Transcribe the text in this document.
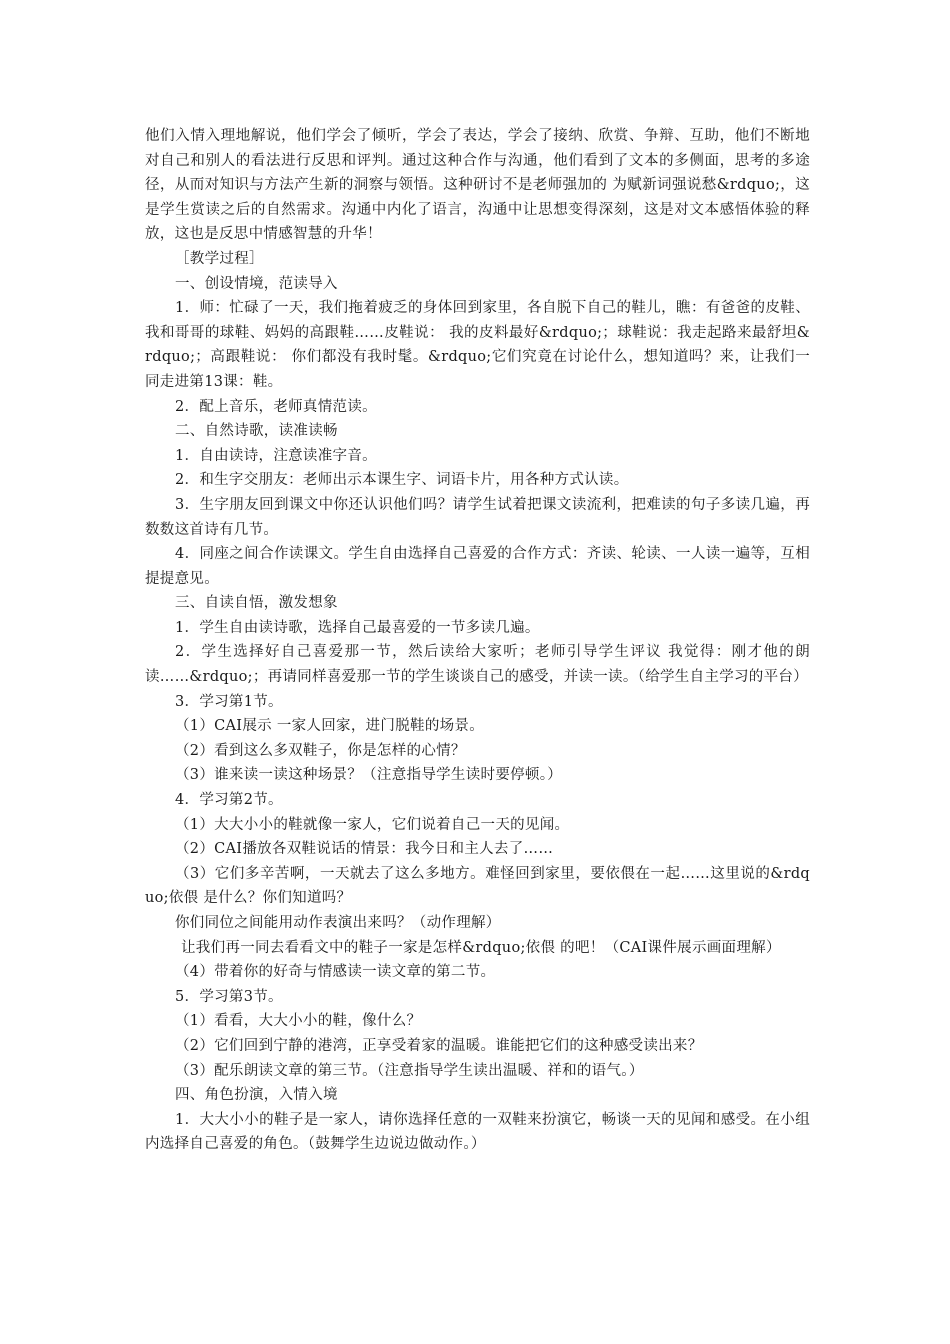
他们入情入理地解说，他们学会了倾听，学会了表达，学会了接纳、欣赏、争辩、互助，他们不断地对自己和别人的看法进行反思和评判。通过这种合作与沟通，他们看到了文本的多侧面，思考的多途径，从而对知识与方法产生新的洞察与领悟。这种研讨不是老师强加的 为赋新词强说愁&rdquo;，这是学生赏读之后的自然需求。沟通中内化了语言，沟通中让思想变得深刻，这是对文本感悟体验的释放，这也是反思中情感智慧的升华！

［教学过程］

一、创设情境，范读导入

1．师：忙碌了一天，我们拖着疲乏的身体回到家里，各自脱下自己的鞋儿，瞧：有爸爸的皮鞋、我和哥哥的球鞋、妈妈的高跟鞋……皮鞋说： 我的皮料最好&rdquo;；球鞋说：我走起路来最舒坦&rdquo;；高跟鞋说： 你们都没有我时髦。&rdquo;它们究竟在讨论什么，想知道吗？来，让我们一同走进第13课：鞋。

2．配上音乐，老师真情范读。

二、自然诗歌，读准读畅

1．自由读诗，注意读准字音。

2．和生字交朋友：老师出示本课生字、词语卡片，用各种方式认读。

3．生字朋友回到课文中你还认识他们吗？请学生试着把课文读流利，把难读的句子多读几遍，再数数这首诗有几节。

4．同座之间合作读课文。学生自由选择自己喜爱的合作方式：齐读、轮读、一人读一遍等，互相提提意见。

三、自读自悟，激发想象

1．学生自由读诗歌，选择自己最喜爱的一节多读几遍。

2．学生选择好自己喜爱那一节，然后读给大家听；老师引导学生评议 我觉得：刚才他的朗读……&rdquo;；再请同样喜爱那一节的学生谈谈自己的感受，并读一读。（给学生自主学习的平台）

3．学习第1节。

（1）CAI展示 一家人回家，进门脱鞋的场景。

（2）看到这么多双鞋子，你是怎样的心情？

（3）谁来读一读这种场景？（注意指导学生读时要停顿。）

4．学习第2节。

（1）大大小小的鞋就像一家人，它们说着自己一天的见闻。

（2）CAI播放各双鞋说话的情景：我今日和主人去了……

（3）它们多辛苦啊，一天就去了这么多地方。难怪回到家里，要依偎在一起……这里说的&rdquo;依偎 是什么？你们知道吗？

你们同位之间能用动作表演出来吗？（动作理解）

让我们再一同去看看文中的鞋子一家是怎样&rdquo;依偎 的吧！（CAI课件展示画面理解）

（4）带着你的好奇与情感读一读文章的第二节。

5．学习第3节。

（1）看看，大大小小的鞋，像什么？

（2）它们回到宁静的港湾，正享受着家的温暖。谁能把它们的这种感受读出来？

（3）配乐朗读文章的第三节。（注意指导学生读出温暖、祥和的语气。）

四、角色扮演，入情入境

1．大大小小的鞋子是一家人，请你选择任意的一双鞋来扮演它，畅谈一天的见闻和感受。在小组内选择自己喜爱的角色。（鼓舞学生边说边做动作。）
